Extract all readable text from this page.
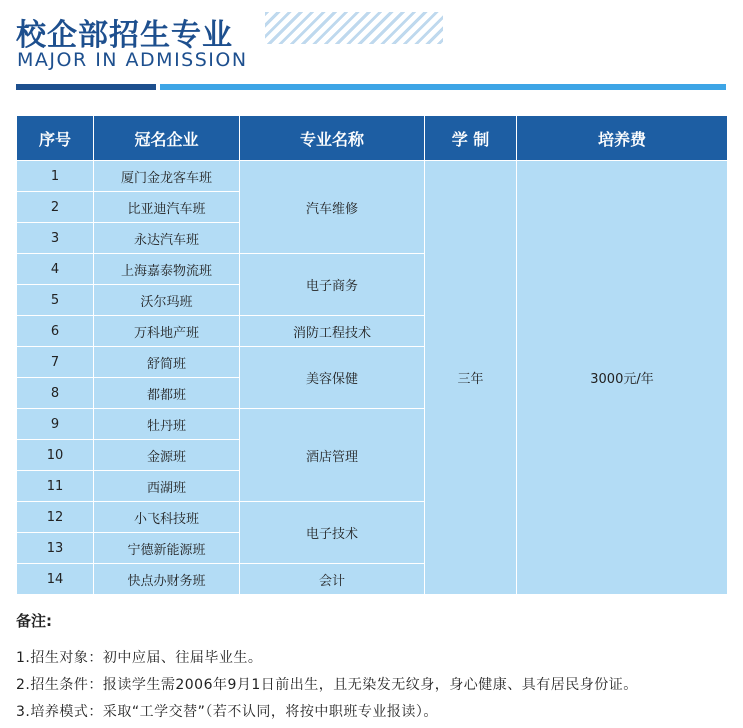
校企部招生专业
MAJOR IN ADMISSION
序号	冠名企业	专业名称	学 制	培养费
1	厦门金龙客车班	汽车维修	三年	3000元/年
2	比亚迪汽车班			
3	永达汽车班			
4	上海嘉泰物流班	电子商务		
5	沃尔玛班			
6	万科地产班	消防工程技术		
7	舒简班	美容保健		
8	都都班			
9	牡丹班	酒店管理		
10	金源班			
11	西湖班			
12	小飞科技班	电子技术		
13	宁德新能源班			
14	快点办财务班	会计		
备注:
1.招生对象：初中应届、往届毕业生。
2.招生条件：报读学生需2006年9月1日前出生，且无染发无纹身，身心健康、具有居民身份证。
3.培养模式：采取“工学交替”（若不认同，将按中职班专业报读）。
